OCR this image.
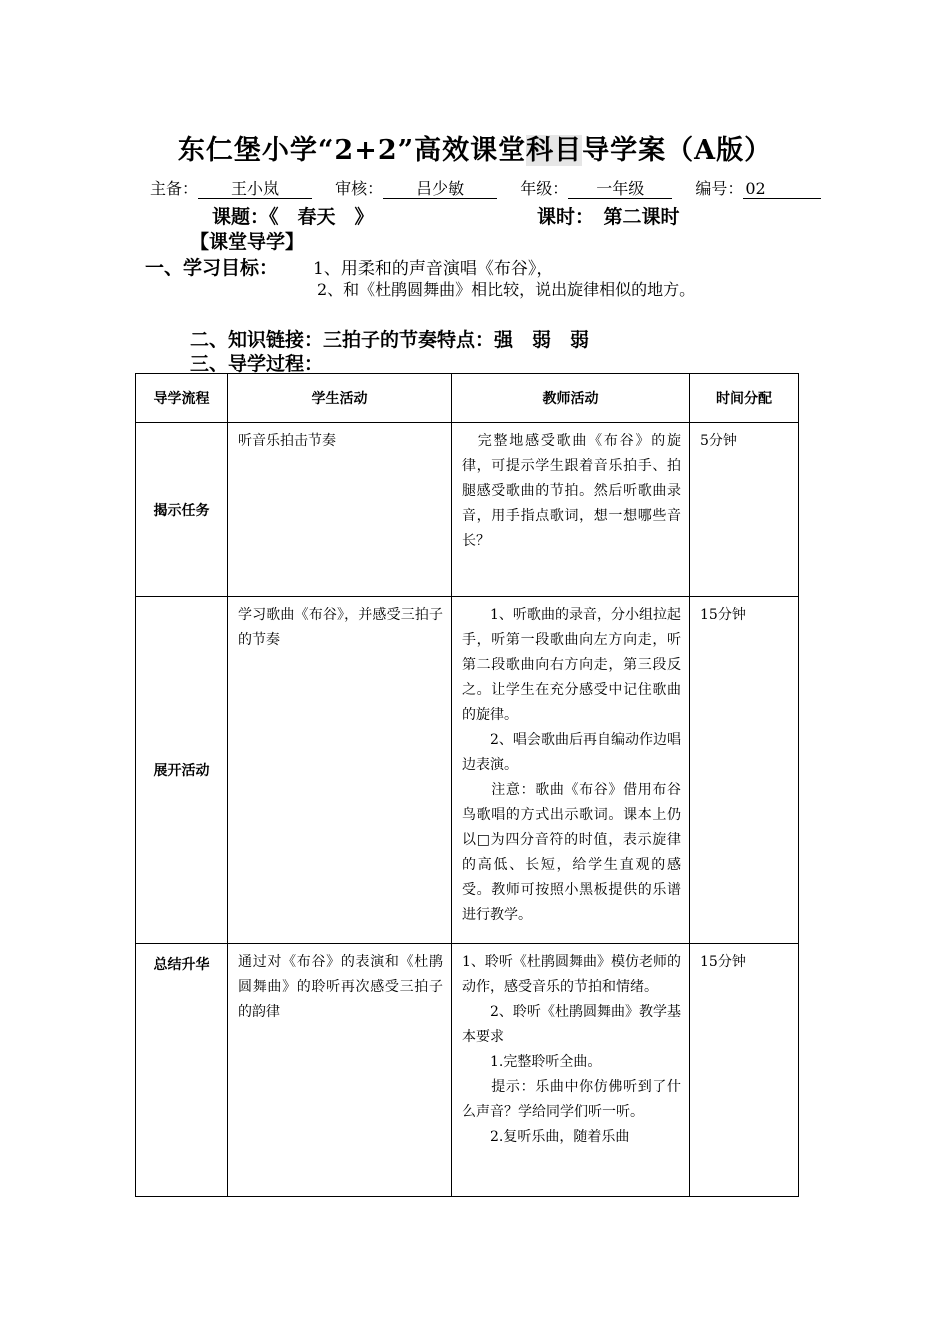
东仁堡小学“2+2”高效课堂科目导学案（A版）
主备： 王小岚	审核： 吕少敏	年级： 一年级	编号： 02
课题：《　春天　》	课时：　第二课时
【课堂导学】
一、学习目标： 1、用柔和的声音演唱《布谷》，
2、和《杜鹃圆舞曲》相比较，说出旋律相似的地方。
二、知识链接：三拍子的节奏特点：强　弱　弱
三、导学过程：
导学流程	学生活动	教师活动	时间分配
揭示任务	听音乐拍击节奏	　完整地感受歌曲《布谷》的旋律，可提示学生跟着音乐拍手、拍腿感受歌曲的节拍。然后听歌曲录音，用手指点歌词，想一想哪些音长？	5分钟

展开活动	学习歌曲《布谷》，并感受三拍子的节奏	　　1、听歌曲的录音，分小组拉起手，听第一段歌曲向左方向走，听第二段歌曲向右方向走，第三段反之。让学生在充分感受中记住歌曲的旋律。

　　2、唱会歌曲后再自编动作边唱边表演。

　　注意：歌曲《布谷》借用布谷鸟歌唱的方式出示歌词。课本上仍以□为四分音符的时值，表示旋律的高低、长短，给学生直观的感受。教师可按照小黑板提供的乐谱进行教学。	15分钟

总结升华	通过对《布谷》的表演和《杜鹃圆舞曲》的聆听再次感受三拍子的韵律	1、聆听《杜鹃圆舞曲》模仿老师的动作，感受音乐的节拍和情绪。

　　2、聆听《杜鹃圆舞曲》教学基本要求

　　1.完整聆听全曲。

　　提示：乐曲中你仿佛听到了什么声音？学给同学们听一听。

　　2.复听乐曲，随着乐曲	15分钟
